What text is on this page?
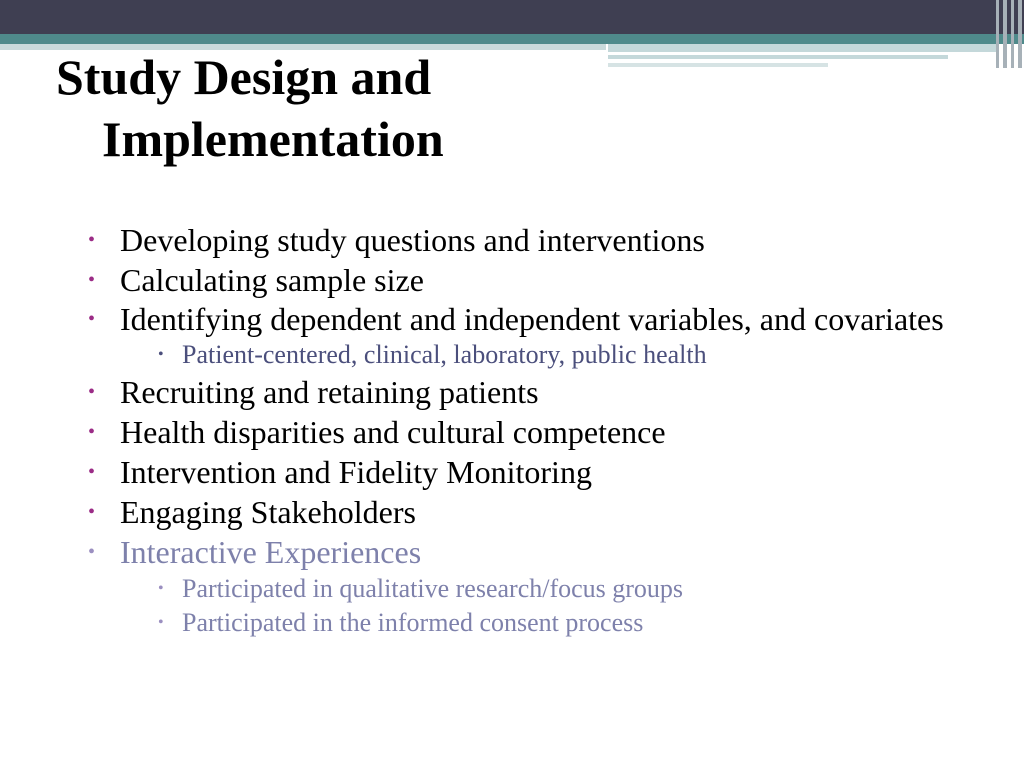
Study Design and
Implementation
• Developing study questions and interventions
• Calculating sample size
• Identifying dependent and independent variables, and covariates
• Patient-centered, clinical, laboratory, public health
• Recruiting and retaining patients
• Health disparities and cultural competence
• Intervention and Fidelity Monitoring
• Engaging Stakeholders
• Interactive Experiences
• Participated in qualitative research/focus groups
• Participated in the informed consent process
